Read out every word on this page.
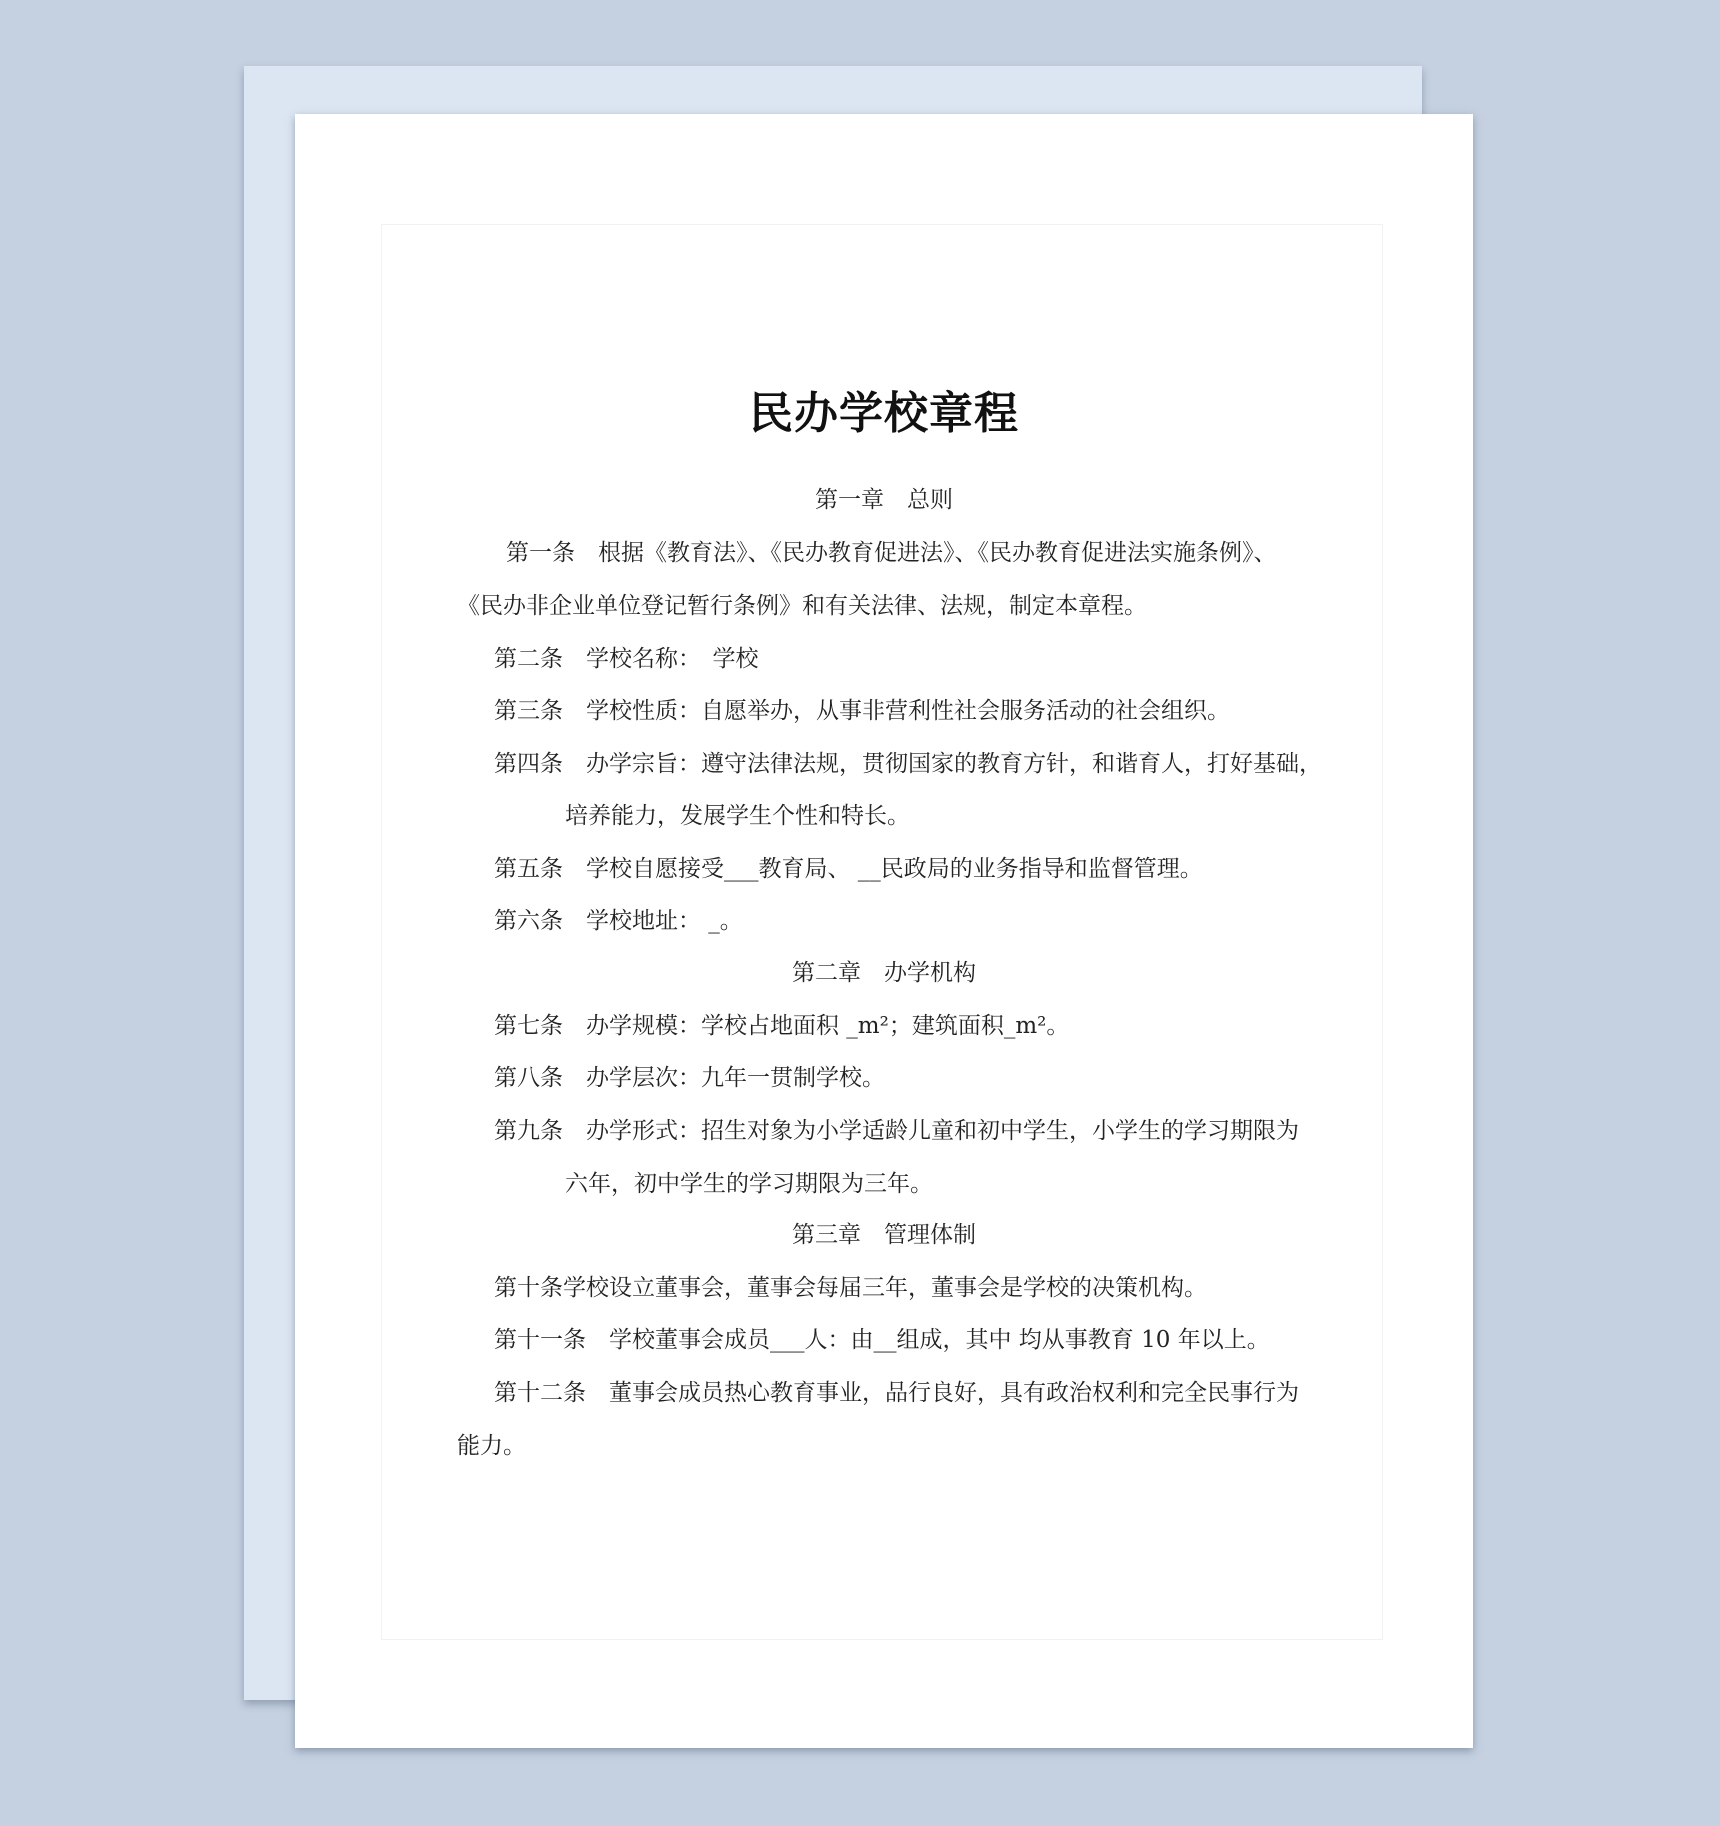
民办学校章程
第一章　总则
第一条　根据《教育法》、《民办教育促进法》、《民办教育促进法实施条例》、
《民办非企业单位登记暂行条例》和有关法律、法规，制定本章程。
第二条　学校名称：　学校
第三条　学校性质：自愿举办，从事非营利性社会服务活动的社会组织。
第四条　办学宗旨：遵守法律法规，贯彻国家的教育方针，和谐育人，打好基础，
培养能力，发展学生个性和特长。
第五条　学校自愿接受___教育局、 __民政局的业务指导和监督管理。
第六条　学校地址： _。
第二章　办学机构
第七条　办学规模：学校占地面积 _m²；建筑面积_m²。
第八条　办学层次：九年一贯制学校。
第九条　办学形式：招生对象为小学适龄儿童和初中学生，小学生的学习期限为
六年，初中学生的学习期限为三年。
第三章　管理体制
第十条学校设立董事会，董事会每届三年，董事会是学校的决策机构。
第十一条　学校董事会成员___人：由__组成，其中 均从事教育 10 年以上。
第十二条　董事会成员热心教育事业，品行良好，具有政治权利和完全民事行为
能力。
